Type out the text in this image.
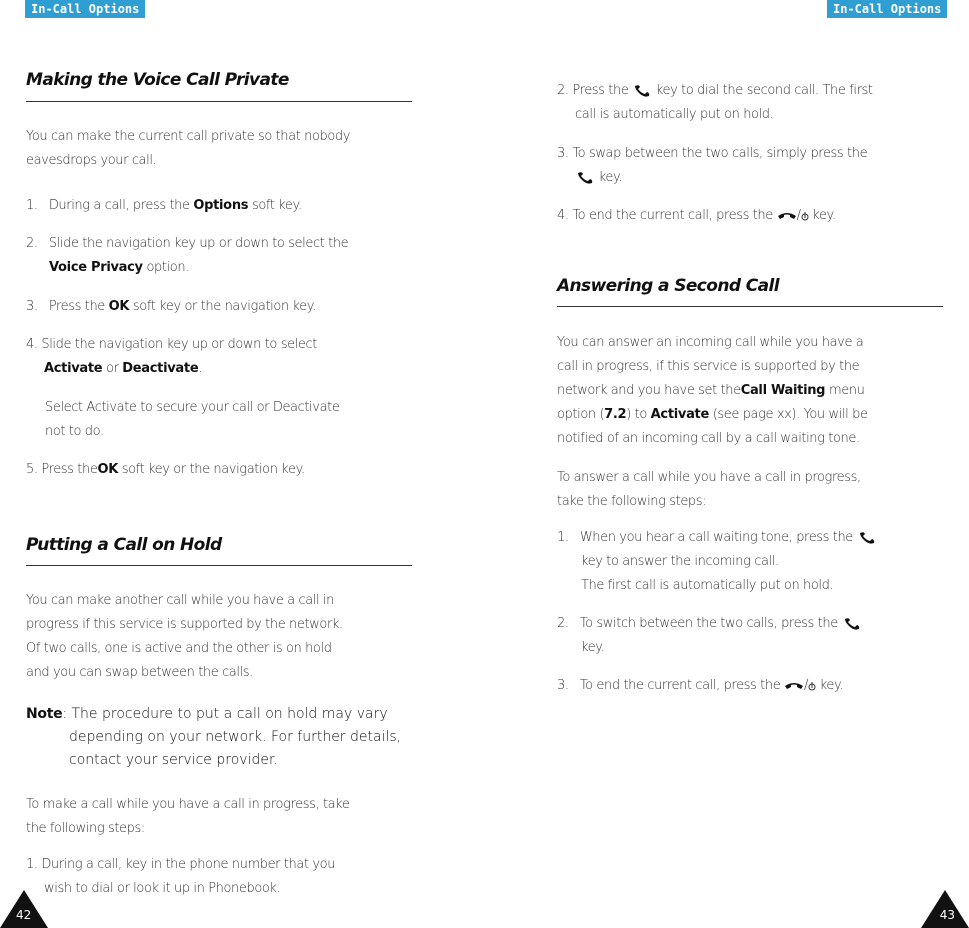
In-Call Options	In-Call Options
Making the Voice Call Private
You can make the current call private so that nobody
eavesdrops your call.
1. During a call, press the Options soft key.
2. Slide the navigation key up or down to select the
Voice Privacy option.
3. Press the OK soft key or the navigation key.
4. Slide the navigation key up or down to select
Activate or Deactivate.
Select Activate to secure your call or Deactivate
not to do.
5. Press theOK soft key or the navigation key.
Putting a Call on Hold
You can make another call while you have a call in
progress if this service is supported by the network.
Of two calls, one is active and the other is on hold
and you can swap between the calls.
Note: The procedure to put a call on hold may vary
depending on your network. For further details,
contact your service provider.
To make a call while you have a call in progress, take
the following steps:
1. During a call, key in the phone number that you
wish to dial or look it up in Phonebook.
2. Press the key to dial the second call. The first
call is automatically put on hold.
3. To swap between the two calls, simply press the
key.
4. To end the current call, press the / key.
Answering a Second Call
You can answer an incoming call while you have a
call in progress, if this service is supported by the
network and you have set theCall Waiting menu
option (7.2) to Activate (see page xx). You will be
notified of an incoming call by a call waiting tone.
To answer a call while you have a call in progress,
take the following steps:
1. When you hear a call waiting tone, press the
key to answer the incoming call.
The first call is automatically put on hold.
2. To switch between the two calls, press the
key.
3. To end the current call, press the / key.
42	43
